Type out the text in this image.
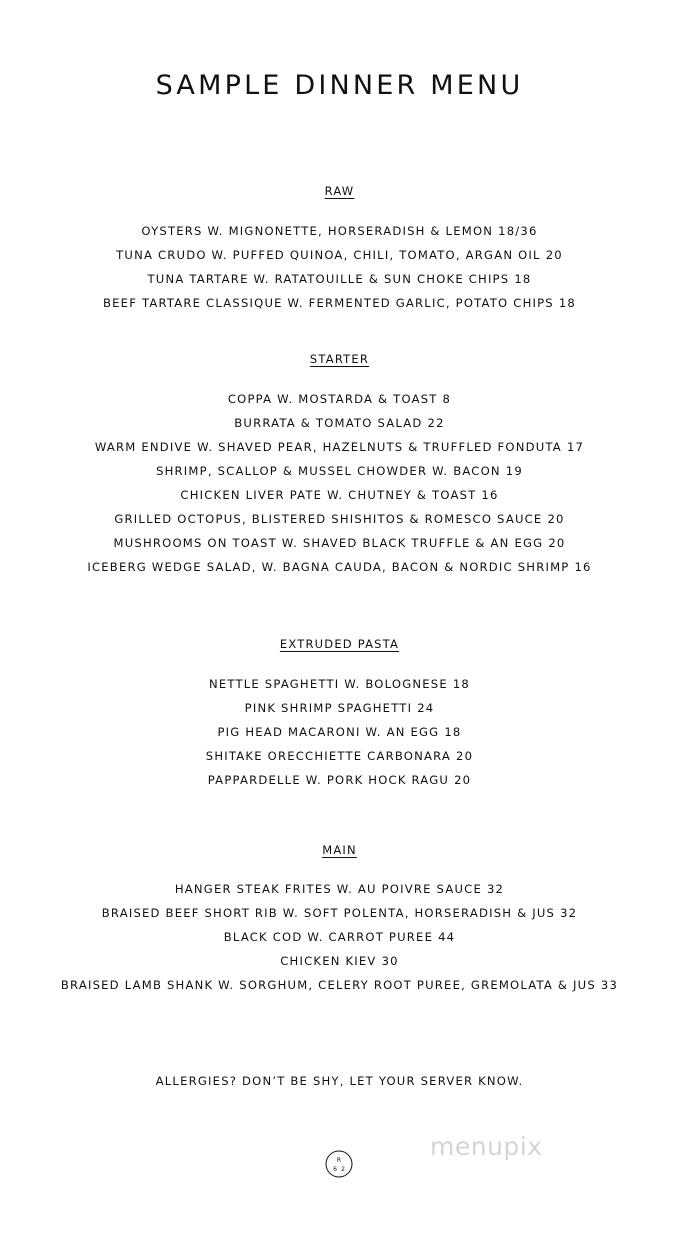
SAMPLE DINNER MENU
RAW
OYSTERS W. MIGNONETTE, HORSERADISH & LEMON 18/36
TUNA CRUDO W. PUFFED QUINOA, CHILI, TOMATO, ARGAN OIL 20
TUNA TARTARE W. RATATOUILLE & SUN CHOKE CHIPS 18
BEEF TARTARE CLASSIQUE W. FERMENTED GARLIC, POTATO CHIPS 18
STARTER
COPPA W. MOSTARDA & TOAST 8
BURRATA & TOMATO SALAD 22
WARM ENDIVE W. SHAVED PEAR, HAZELNUTS & TRUFFLED FONDUTA 17
SHRIMP, SCALLOP & MUSSEL CHOWDER W. BACON 19
CHICKEN LIVER PATE W. CHUTNEY & TOAST 16
GRILLED OCTOPUS, BLISTERED SHISHITOS & ROMESCO SAUCE 20
MUSHROOMS ON TOAST W. SHAVED BLACK TRUFFLE & AN EGG 20
ICEBERG WEDGE SALAD, W. BAGNA CAUDA, BACON & NORDIC SHRIMP 16
EXTRUDED PASTA
NETTLE SPAGHETTI W. BOLOGNESE 18
PINK SHRIMP SPAGHETTI 24
PIG HEAD MACARONI W. AN EGG 18
SHITAKE ORECCHIETTE CARBONARA 20
PAPPARDELLE W. PORK HOCK RAGU 20
MAIN
HANGER STEAK FRITES W. AU POIVRE SAUCE 32
BRAISED BEEF SHORT RIB W. SOFT POLENTA, HORSERADISH & JUS 32
BLACK COD W. CARROT PUREE 44
CHICKEN KIEV 30
BRAISED LAMB SHANK W. SORGHUM, CELERY ROOT PUREE, GREMOLATA & JUS 33
ALLERGIES? DON’T BE SHY, LET YOUR SERVER KNOW.
R
6 2
menupix
